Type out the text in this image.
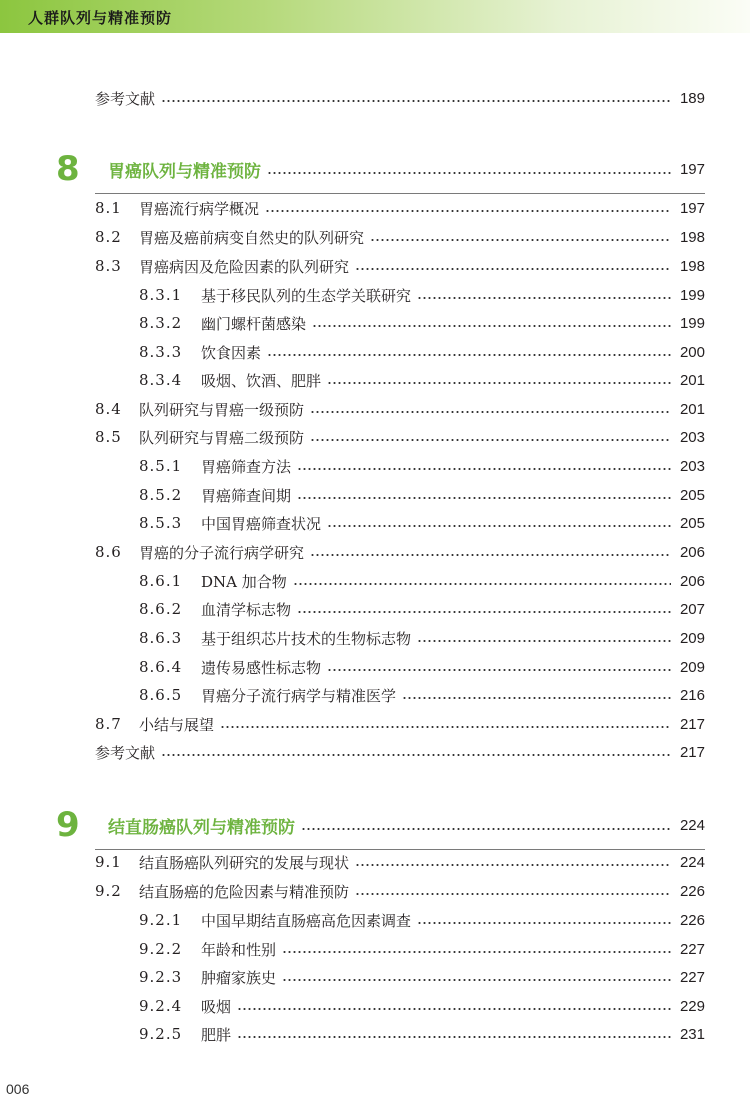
人群队列与精准预防
参考文献	189
8	胃癌队列与精准预防	197
8.1	胃癌流行病学概况	197
8.2	胃癌及癌前病变自然史的队列研究	198
8.3	胃癌病因及危险因素的队列研究	198
8.3.1	基于移民队列的生态学关联研究	199
8.3.2	幽门螺杆菌感染	199
8.3.3	饮食因素	200
8.3.4	吸烟、饮酒、肥胖	201
8.4	队列研究与胃癌一级预防	201
8.5	队列研究与胃癌二级预防	203
8.5.1	胃癌筛查方法	203
8.5.2	胃癌筛查间期	205
8.5.3	中国胃癌筛查状况	205
8.6	胃癌的分子流行病学研究	206
8.6.1	DNA 加合物	206
8.6.2	血清学标志物	207
8.6.3	基于组织芯片技术的生物标志物	209
8.6.4	遗传易感性标志物	209
8.6.5	胃癌分子流行病学与精准医学	216
8.7	小结与展望	217
参考文献	217
9	结直肠癌队列与精准预防	224
9.1	结直肠癌队列研究的发展与现状	224
9.2	结直肠癌的危险因素与精准预防	226
9.2.1	中国早期结直肠癌高危因素调查	226
9.2.2	年龄和性别	227
9.2.3	肿瘤家族史	227
9.2.4	吸烟	229
9.2.5	肥胖	231
006
